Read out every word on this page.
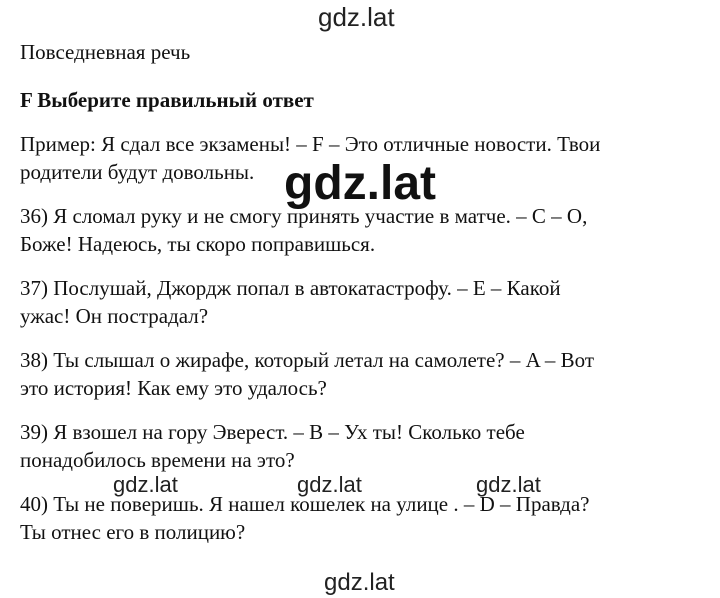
gdz.lat
Повседневная речь
F Выберите правильный ответ
Пример: Я сдал все экзамены! – F – Это отличные новости. Твои
родители будут довольны.
36) Я сломал руку и не смогу принять участие в матче. – C – О,
Боже! Надеюсь, ты скоро поправишься.
37) Послушай, Джордж попал в автокатастрофу. – E – Какой
ужас! Он пострадал?
38) Ты слышал о жирафе, который летал на самолете? – A – Вот
это история! Как ему это удалось?
39) Я взошел на гору Эверест. – B – Ух ты! Сколько тебе
понадобилось времени на это?
40) Ты не поверишь. Я нашел кошелек на улице . – D – Правда?
Ты отнес его в полицию?
gdz.lat
gdz.lat	gdz.lat	gdz.lat
gdz.lat
